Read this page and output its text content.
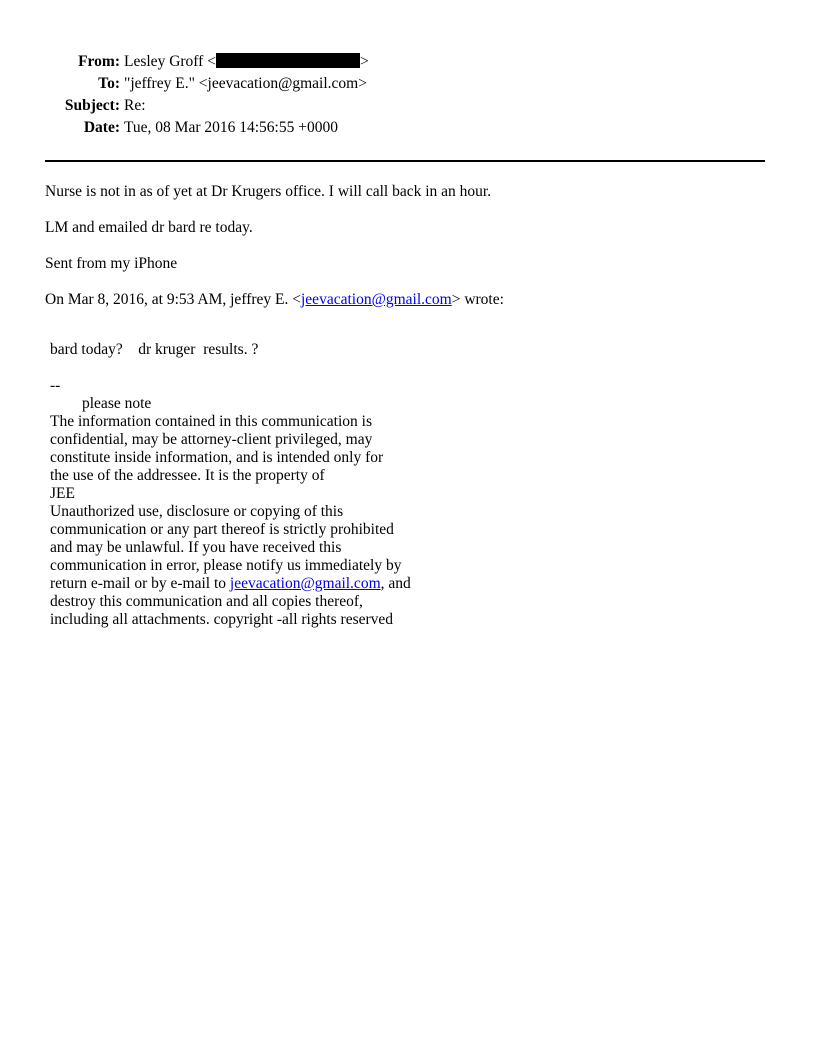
From: Lesley Groff <	>
To: "jeffrey E." <jeevacation@gmail.com>
Subject: Re:
Date: Tue, 08 Mar 2016 14:56:55 +0000

Nurse is not in as of yet at Dr Krugers office. I will call back in an hour.

LM and emailed dr bard re today.

Sent from my iPhone

On Mar 8, 2016, at 9:53 AM, jeffrey E. <jeevacation@gmail.com> wrote:

bard today?    dr kruger  results. ?
--
please note
The information contained in this communication is
confidential, may be attorney-client privileged, may
constitute inside information, and is intended only for
the use of the addressee. It is the property of
JEE
Unauthorized use, disclosure or copying of this
communication or any part thereof is strictly prohibited
and may be unlawful. If you have received this
communication in error, please notify us immediately by
return e-mail or by e-mail to jeevacation@gmail.com, and
destroy this communication and all copies thereof,
including all attachments. copyright -all rights reserved
